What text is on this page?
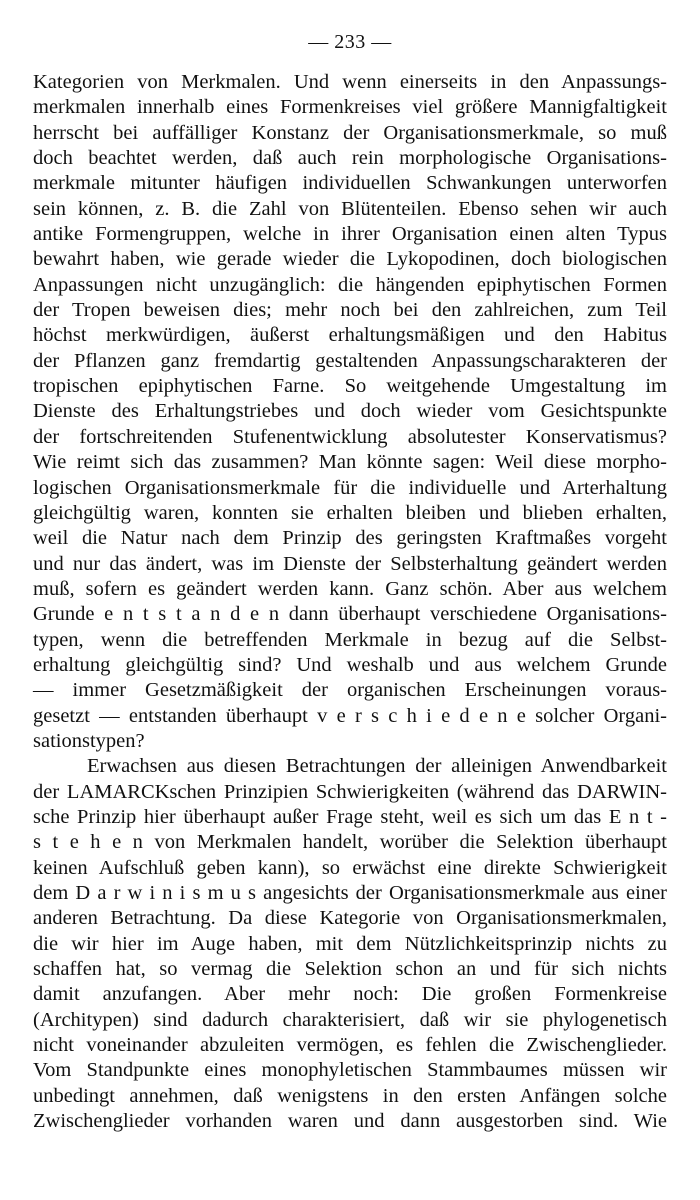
— 233 —
Kategorien von Merkmalen. Und wenn einerseits in den Anpassungs-
merkmalen innerhalb eines Formenkreises viel größere Mannigfaltigkeit
herrscht bei auffälliger Konstanz der Organisationsmerkmale, so muß
doch beachtet werden, daß auch rein morphologische Organisations-
merkmale mitunter häufigen individuellen Schwankungen unterworfen
sein können, z. B. die Zahl von Blütenteilen. Ebenso sehen wir auch
antike Formengruppen, welche in ihrer Organisation einen alten Typus
bewahrt haben, wie gerade wieder die Lykopodinen, doch biologischen
Anpassungen nicht unzugänglich: die hängenden epiphytischen Formen
der Tropen beweisen dies; mehr noch bei den zahlreichen, zum Teil
höchst merkwürdigen, äußerst erhaltungsmäßigen und den Habitus
der Pflanzen ganz fremdartig gestaltenden Anpassungscharakteren der
tropischen epiphytischen Farne. So weitgehende Umgestaltung im
Dienste des Erhaltungstriebes und doch wieder vom Gesichtspunkte
der fortschreitenden Stufenentwicklung absolutester Konservatismus?
Wie reimt sich das zusammen? Man könnte sagen: Weil diese morpho-
logischen Organisationsmerkmale für die individuelle und Arterhaltung
gleichgültig waren, konnten sie erhalten bleiben und blieben erhalten,
weil die Natur nach dem Prinzip des geringsten Kraftmaßes vorgeht
und nur das ändert, was im Dienste der Selbsterhaltung geändert werden
muß, sofern es geändert werden kann. Ganz schön. Aber aus welchem
Grunde e n t s t a n d e n dann überhaupt verschiedene Organisations-
typen, wenn die betreffenden Merkmale in bezug auf die Selbst-
erhaltung gleichgültig sind? Und weshalb und aus welchem Grunde
— immer Gesetzmäßigkeit der organischen Erscheinungen voraus-
gesetzt — entstanden überhaupt v e r s c h i e d e n e solcher Organi-
sationstypen?
Erwachsen aus diesen Betrachtungen der alleinigen Anwendbarkeit
der LAMARCKschen Prinzipien Schwierigkeiten (während das DARWIN-
sche Prinzip hier überhaupt außer Frage steht, weil es sich um das E n t -
s t e h e n von Merkmalen handelt, worüber die Selektion überhaupt
keinen Aufschluß geben kann), so erwächst eine direkte Schwierigkeit
dem D a r w i n i s m u s angesichts der Organisationsmerkmale aus einer
anderen Betrachtung. Da diese Kategorie von Organisationsmerkmalen,
die wir hier im Auge haben, mit dem Nützlichkeitsprinzip nichts zu
schaffen hat, so vermag die Selektion schon an und für sich nichts
damit anzufangen. Aber mehr noch: Die großen Formenkreise
(Architypen) sind dadurch charakterisiert, daß wir sie phylogenetisch
nicht voneinander abzuleiten vermögen, es fehlen die Zwischenglieder.
Vom Standpunkte eines monophyletischen Stammbaumes müssen wir
unbedingt annehmen, daß wenigstens in den ersten Anfängen solche
Zwischenglieder vorhanden waren und dann ausgestorben sind. Wie
